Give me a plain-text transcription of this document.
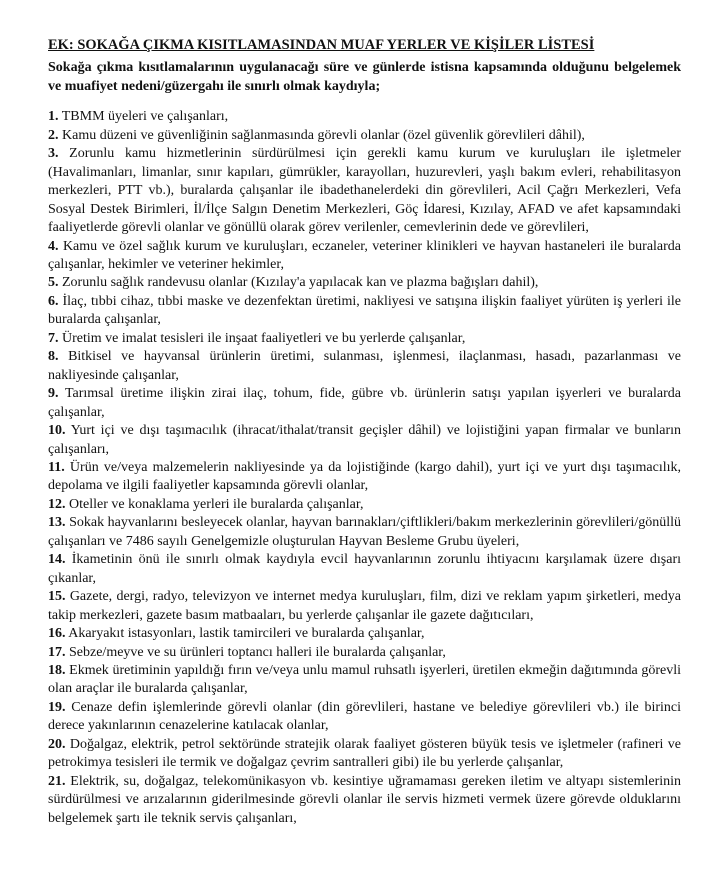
EK: SOKAĞA ÇIKMA KISITLAMASINDAN MUAF YERLER VE KİŞİLER LİSTESİ
Sokağa çıkma kısıtlamalarının uygulanacağı süre ve günlerde istisna kapsamında olduğunu belgelemek ve muafiyet nedeni/güzergahı ile sınırlı olmak kaydıyla;
1. TBMM üyeleri ve çalışanları,
2. Kamu düzeni ve güvenliğinin sağlanmasında görevli olanlar (özel güvenlik görevlileri dâhil),
3. Zorunlu kamu hizmetlerinin sürdürülmesi için gerekli kamu kurum ve kuruluşları ile işletmeler (Havalimanları, limanlar, sınır kapıları, gümrükler, karayolları, huzurevleri, yaşlı bakım evleri, rehabilitasyon merkezleri, PTT vb.), buralarda çalışanlar ile ibadethanelerdeki din görevlileri, Acil Çağrı Merkezleri, Vefa Sosyal Destek Birimleri, İl/İlçe Salgın Denetim Merkezleri, Göç İdaresi, Kızılay, AFAD ve afet kapsamındaki faaliyetlerde görevli olanlar ve gönüllü olarak görev verilenler, cemevlerinin dede ve görevlileri,
4. Kamu ve özel sağlık kurum ve kuruluşları, eczaneler, veteriner klinikleri ve hayvan hastaneleri ile buralarda çalışanlar, hekimler ve veteriner hekimler,
5. Zorunlu sağlık randevusu olanlar (Kızılay'a yapılacak kan ve plazma bağışları dahil),
6. İlaç, tıbbi cihaz, tıbbi maske ve dezenfektan üretimi, nakliyesi ve satışına ilişkin faaliyet yürüten iş yerleri ile buralarda çalışanlar,
7. Üretim ve imalat tesisleri ile inşaat faaliyetleri ve bu yerlerde çalışanlar,
8. Bitkisel ve hayvansal ürünlerin üretimi, sulanması, işlenmesi, ilaçlanması, hasadı, pazarlanması ve nakliyesinde çalışanlar,
9. Tarımsal üretime ilişkin zirai ilaç, tohum, fide, gübre vb. ürünlerin satışı yapılan işyerleri ve buralarda çalışanlar,
10. Yurt içi ve dışı taşımacılık (ihracat/ithalat/transit geçişler dâhil) ve lojistiğini yapan firmalar ve bunların çalışanları,
11. Ürün ve/veya malzemelerin nakliyesinde ya da lojistiğinde (kargo dahil), yurt içi ve yurt dışı taşımacılık, depolama ve ilgili faaliyetler kapsamında görevli olanlar,
12. Oteller ve konaklama yerleri ile buralarda çalışanlar,
13. Sokak hayvanlarını besleyecek olanlar, hayvan barınakları/çiftlikleri/bakım merkezlerinin görevlileri/gönüllü çalışanları ve 7486 sayılı Genelgemizle oluşturulan Hayvan Besleme Grubu üyeleri,
14. İkametinin önü ile sınırlı olmak kaydıyla evcil hayvanlarının zorunlu ihtiyacını karşılamak üzere dışarı çıkanlar,
15. Gazete, dergi, radyo, televizyon ve internet medya kuruluşları, film, dizi ve reklam yapım şirketleri, medya takip merkezleri, gazete basım matbaaları, bu yerlerde çalışanlar ile gazete dağıtıcıları,
16. Akaryakıt istasyonları, lastik tamircileri ve buralarda çalışanlar,
17. Sebze/meyve ve su ürünleri toptancı halleri ile buralarda çalışanlar,
18. Ekmek üretiminin yapıldığı fırın ve/veya unlu mamul ruhsatlı işyerleri, üretilen ekmeğin dağıtımında görevli olan araçlar ile buralarda çalışanlar,
19. Cenaze defin işlemlerinde görevli olanlar (din görevlileri, hastane ve belediye görevlileri vb.) ile birinci derece yakınlarının cenazelerine katılacak olanlar,
20. Doğalgaz, elektrik, petrol sektöründe stratejik olarak faaliyet gösteren büyük tesis ve işletmeler (rafineri ve petrokimya tesisleri ile termik ve doğalgaz çevrim santralleri gibi) ile bu yerlerde çalışanlar,
21. Elektrik, su, doğalgaz, telekomünikasyon vb. kesintiye uğramaması gereken iletim ve altyapı sistemlerinin sürdürülmesi ve arızalarının giderilmesinde görevli olanlar ile servis hizmeti vermek üzere görevde olduklarını belgelemek şartı ile teknik servis çalışanları,
